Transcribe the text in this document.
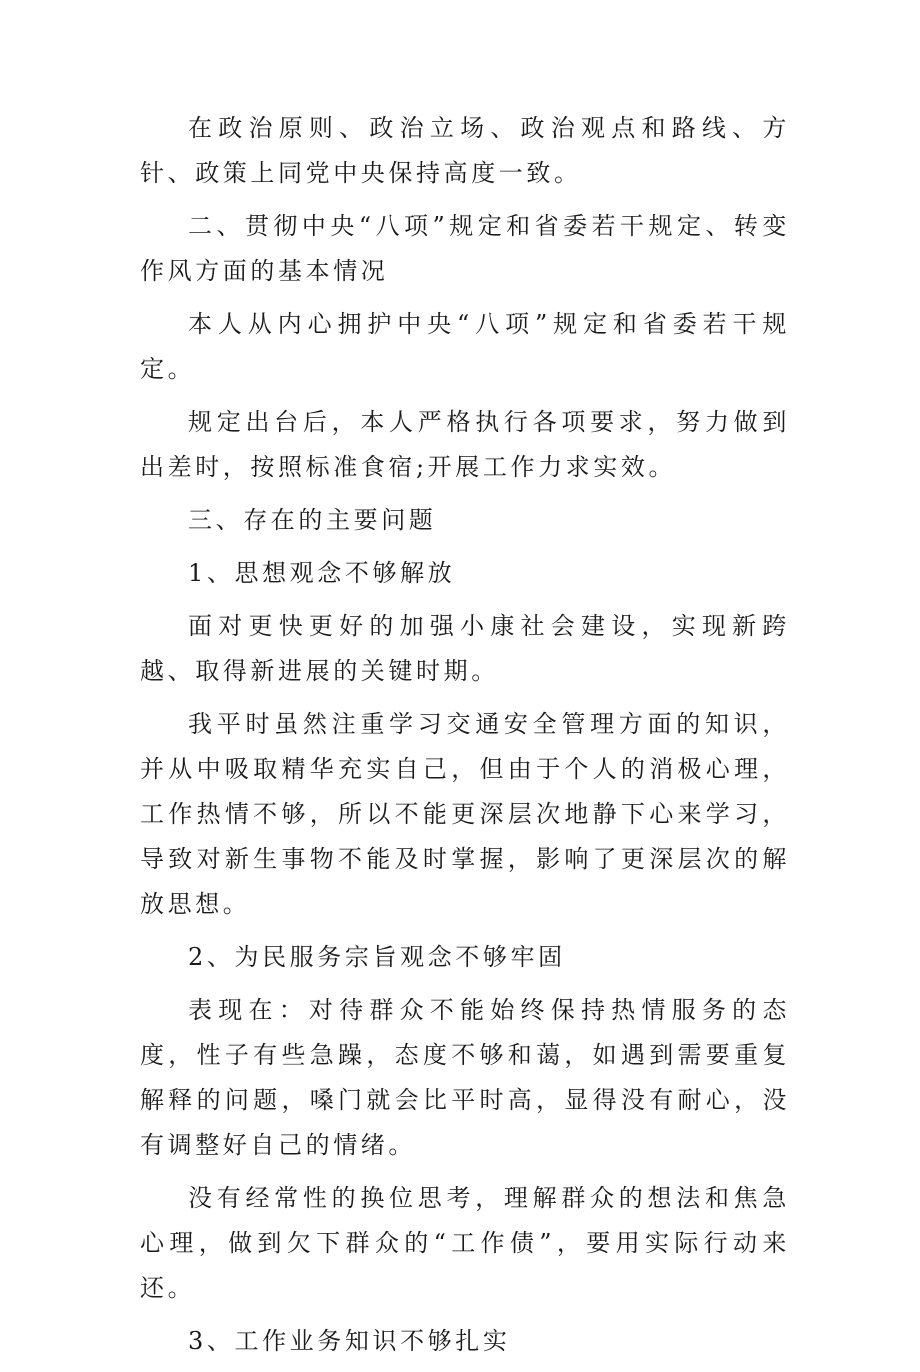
在政治原则、政治立场、政治观点和路线、方针、政策上同党中央保持高度一致。

二、贯彻中央“八项”规定和省委若干规定、转变作风方面的基本情况

本人从内心拥护中央“八项”规定和省委若干规定。

规定出台后，本人严格执行各项要求，努力做到出差时，按照标准食宿;开展工作力求实效。

三、存在的主要问题

1、思想观念不够解放

面对更快更好的加强小康社会建设，实现新跨越、取得新进展的关键时期。

我平时虽然注重学习交通安全管理方面的知识，并从中吸取精华充实自己，但由于个人的消极心理，工作热情不够，所以不能更深层次地静下心来学习，导致对新生事物不能及时掌握，影响了更深层次的解放思想。

2、为民服务宗旨观念不够牢固

表现在：对待群众不能始终保持热情服务的态度，性子有些急躁，态度不够和蔼，如遇到需要重复解释的问题，嗓门就会比平时高，显得没有耐心，没有调整好自己的情绪。

没有经常性的换位思考，理解群众的想法和焦急心理，做到欠下群众的“工作债”，要用实际行动来还。

3、工作业务知识不够扎实
